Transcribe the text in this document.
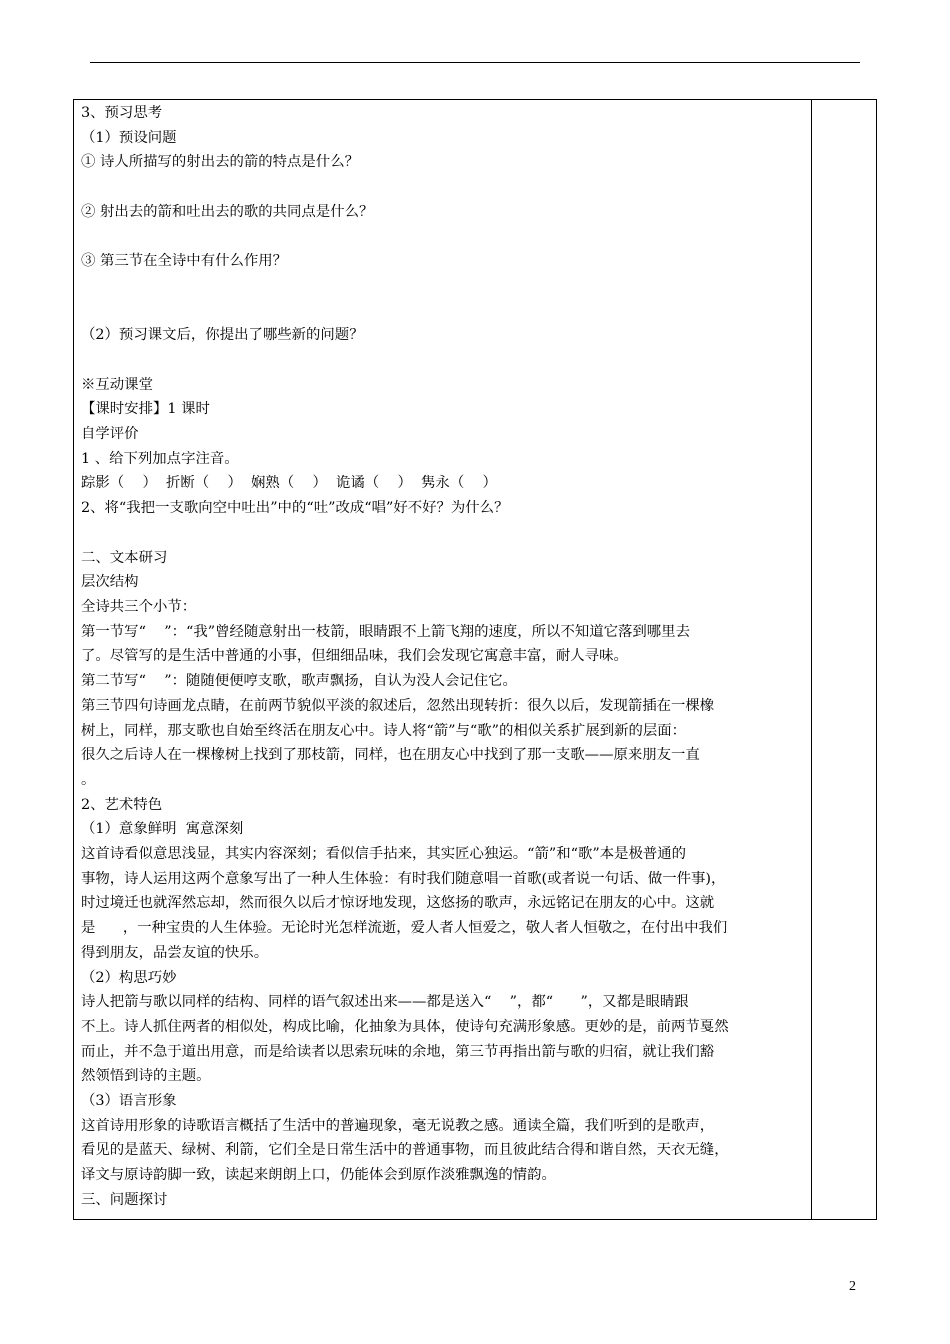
3、预习思考

（1）预设问题

① 诗人所描写的射出去的箭的特点是什么？

② 射出去的箭和吐出去的歌的共同点是什么？

③ 第三节在全诗中有什么作用？

（2）预习课文后，你提出了哪些新的问题？

※互动课堂

【课时安排】1 课时

自学评价

1 、给下列加点字注音。

踪影（    ）  折断（    ）  娴熟（    ）  诡谲（    ）  隽永（    ）

2、将“我把一支歌向空中吐出”中的“吐”改成“唱”好不好？为什么？

二、文本研习

层次结构

全诗共三个小节：

第一节写“    ”：“我”曾经随意射出一枝箭，眼睛跟不上箭飞翔的速度，所以不知道它落到哪里去

了。尽管写的是生活中普通的小事，但细细品味，我们会发现它寓意丰富，耐人寻味。

第二节写“    ”：随随便便哼支歌，歌声飘扬，自认为没人会记住它。

第三节四句诗画龙点睛，在前两节貌似平淡的叙述后，忽然出现转折：很久以后，发现箭插在一棵橡

树上，同样，那支歌也自始至终活在朋友心中。诗人将“箭”与“歌”的相似关系扩展到新的层面：

很久之后诗人在一棵橡树上找到了那枝箭，同样，也在朋友心中找到了那一支歌——原来朋友一直

。

2、艺术特色

（1）意象鲜明  寓意深刻

这首诗看似意思浅显，其实内容深刻；看似信手拈来，其实匠心独运。“箭”和“歌”本是极普通的

事物，诗人运用这两个意象写出了一种人生体验：有时我们随意唱一首歌(或者说一句话、做一件事)，

时过境迁也就浑然忘却，然而很久以后才惊讶地发现，这悠扬的歌声，永远铭记在朋友的心中。这就

是      ，一种宝贵的人生体验。无论时光怎样流逝，爱人者人恒爱之，敬人者人恒敬之，在付出中我们

得到朋友，品尝友谊的快乐。

（2）构思巧妙

诗人把箭与歌以同样的结构、同样的语气叙述出来——都是送入“    ”，都“      ”，又都是眼睛跟

不上。诗人抓住两者的相似处，构成比喻，化抽象为具体，使诗句充满形象感。更妙的是，前两节戛然

而止，并不急于道出用意，而是给读者以思索玩味的余地，第三节再指出箭与歌的归宿，就让我们豁

然领悟到诗的主题。

（3）语言形象

这首诗用形象的诗歌语言概括了生活中的普遍现象，毫无说教之感。通读全篇，我们听到的是歌声，

看见的是蓝天、绿树、利箭，它们全是日常生活中的普通事物，而且彼此结合得和谐自然，天衣无缝，

译文与原诗韵脚一致，读起来朗朗上口，仍能体会到原作淡雅飘逸的情韵。

三、问题探讨

2
